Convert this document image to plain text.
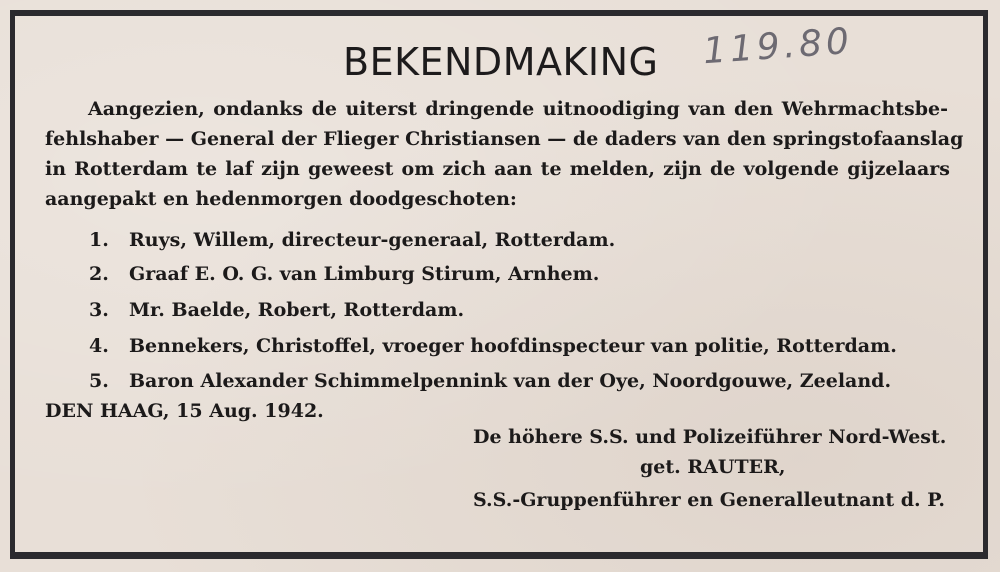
BEKENDMAKING 119.80
Aangezien, ondanks de uiterst dringende uitnoodiging van den Wehrmachtsbe-
fehlshaber — General der Flieger Christiansen — de daders van den springstofaanslag
in Rotterdam te laf zijn geweest om zich aan te melden, zijn de volgende gijzelaars
aangepakt en hedenmorgen doodgeschoten:
1. Ruys, Willem, directeur-generaal, Rotterdam.
2. Graaf E. O. G. van Limburg Stirum, Arnhem.
3. Mr. Baelde, Robert, Rotterdam.
4. Bennekers, Christoffel, vroeger hoofdinspecteur van politie, Rotterdam.
5. Baron Alexander Schimmelpennink van der Oye, Noordgouwe, Zeeland.
DEN HAAG, 15 Aug. 1942.
De höhere S.S. und Polizeiführer Nord-West.
get. RAUTER,
S.S.-Gruppenführer en Generalleutnant d. P.
